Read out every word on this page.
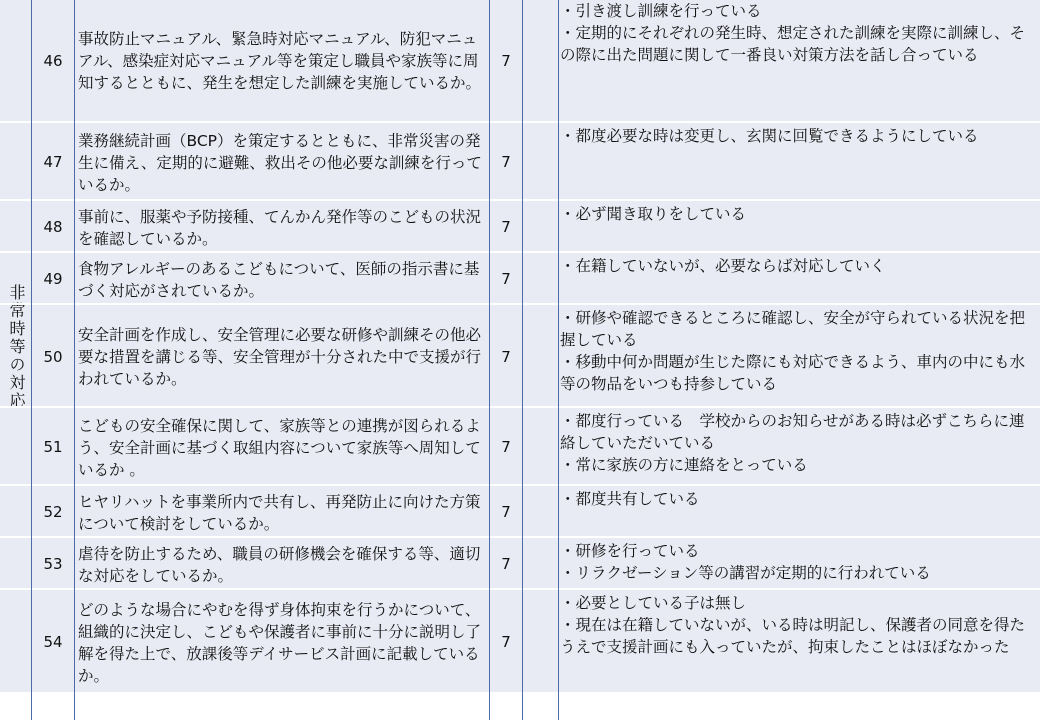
非常時等の対応
46
事故防止マニュアル、緊急時対応マニュアル、防犯マニュアル、感染症対応マニュアル等を策定し職員や家族等に周知するとともに、発生を想定した訓練を実施しているか。
7
・引き渡し訓練を行っている
・定期的にそれぞれの発生時、想定された訓練を実際に訓練し、その際に出た問題に関して一番良い対策方法を話し合っている
47
業務継続計画（BCP）を策定するとともに、非常災害の発生に備え、定期的に避難、救出その他必要な訓練を行っているか。
7
・都度必要な時は変更し、玄関に回覧できるようにしている
48
事前に、服薬や予防接種、てんかん発作等のこどもの状況を確認しているか。
7
・必ず聞き取りをしている
49
食物アレルギーのあるこどもについて、医師の指示書に基づく対応がされているか。
7
・在籍していないが、必要ならば対応していく
50
安全計画を作成し、安全管理に必要な研修や訓練その他必要な措置を講じる等、安全管理が十分された中で支援が行われているか。
7
・研修や確認できるところに確認し、安全が守られている状況を把握している
・移動中何か問題が生じた際にも対応できるよう、車内の中にも水等の物品をいつも持参している
51
こどもの安全確保に関して、家族等との連携が図られるよう、安全計画に基づく取組内容について家族等へ周知しているか 。
7
・都度行っている　学校からのお知らせがある時は必ずこちらに連絡していただいている
・常に家族の方に連絡をとっている
52
ヒヤリハットを事業所内で共有し、再発防止に向けた方策について検討をしているか。
7
・都度共有している
53
虐待を防止するため、職員の研修機会を確保する等、適切な対応をしているか。
7
・研修を行っている
・リラクゼーション等の講習が定期的に行われている
54
どのような場合にやむを得ず身体拘束を行うかについて、組織的に決定し、こどもや保護者に事前に十分に説明し了解を得た上で、放課後等デイサービス計画に記載しているか。
7
・必要としている子は無し
・現在は在籍していないが、いる時は明記し、保護者の同意を得たうえで支援計画にも入っていたが、拘束したことはほぼなかった
